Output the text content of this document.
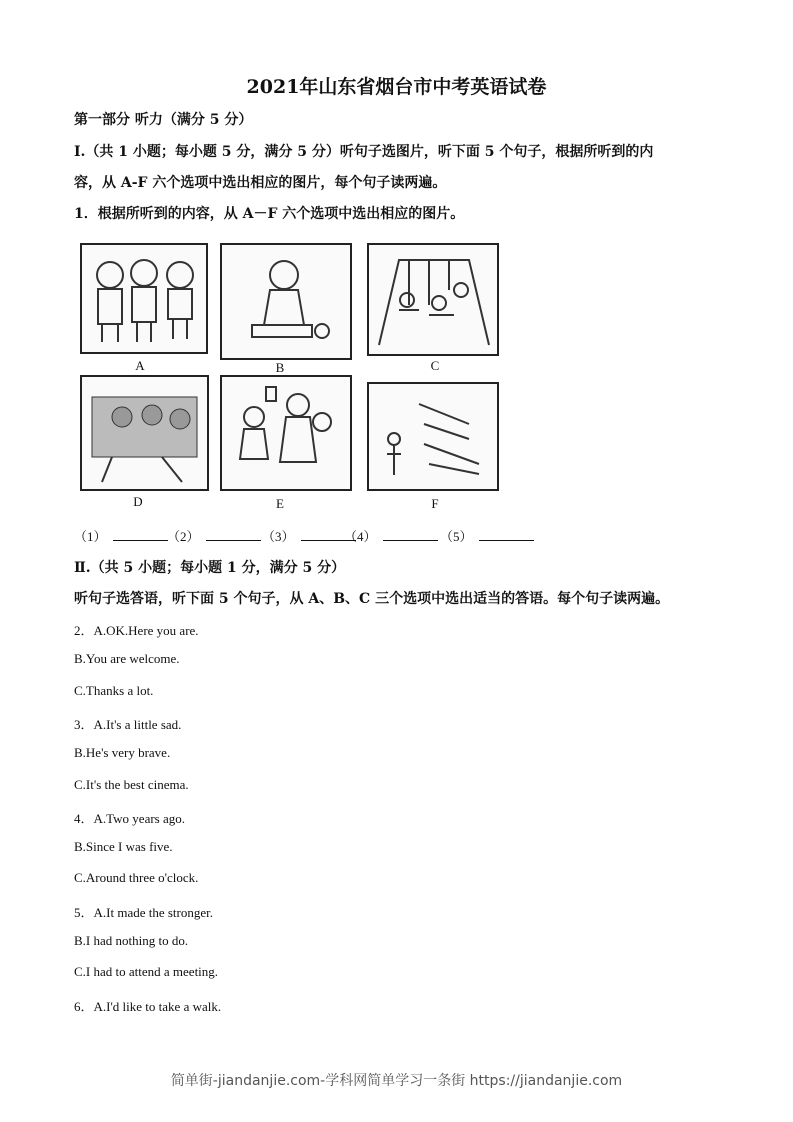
2021年山东省烟台市中考英语试卷
第一部分 听力（满分 5 分）
Ⅰ.（共 1 小题；每小题 5 分，满分 5 分）听句子选图片，听下面 5 个句子，根据所听到的内
容，从 A-F 六个选项中选出相应的图片，每个句子读两遍。
1．根据所听到的内容，从 A－F 六个选项中选出相应的图片。
A	B	C
D	E	F
（1）	（2）	（3）	（4）	（5）
Ⅱ.（共 5 小题；每小题 1 分，满分 5 分）
听句子选答语，听下面 5 个句子，从 A、B、C 三个选项中选出适当的答语。每个句子读两遍。
2．A.OK.Here you are.
B.You are welcome.
C.Thanks a lot.
3．A.It's a little sad.
B.He's very brave.
C.It's the best cinema.
4．A.Two years ago.
B.Since I was five.
C.Around three o'clock.
5．A.It made the stronger.
B.I had nothing to do.
C.I had to attend a meeting.
6．A.I'd like to take a walk.
简单街-jiandanjie.com-学科网简单学习一条街 https://jiandanjie.com
